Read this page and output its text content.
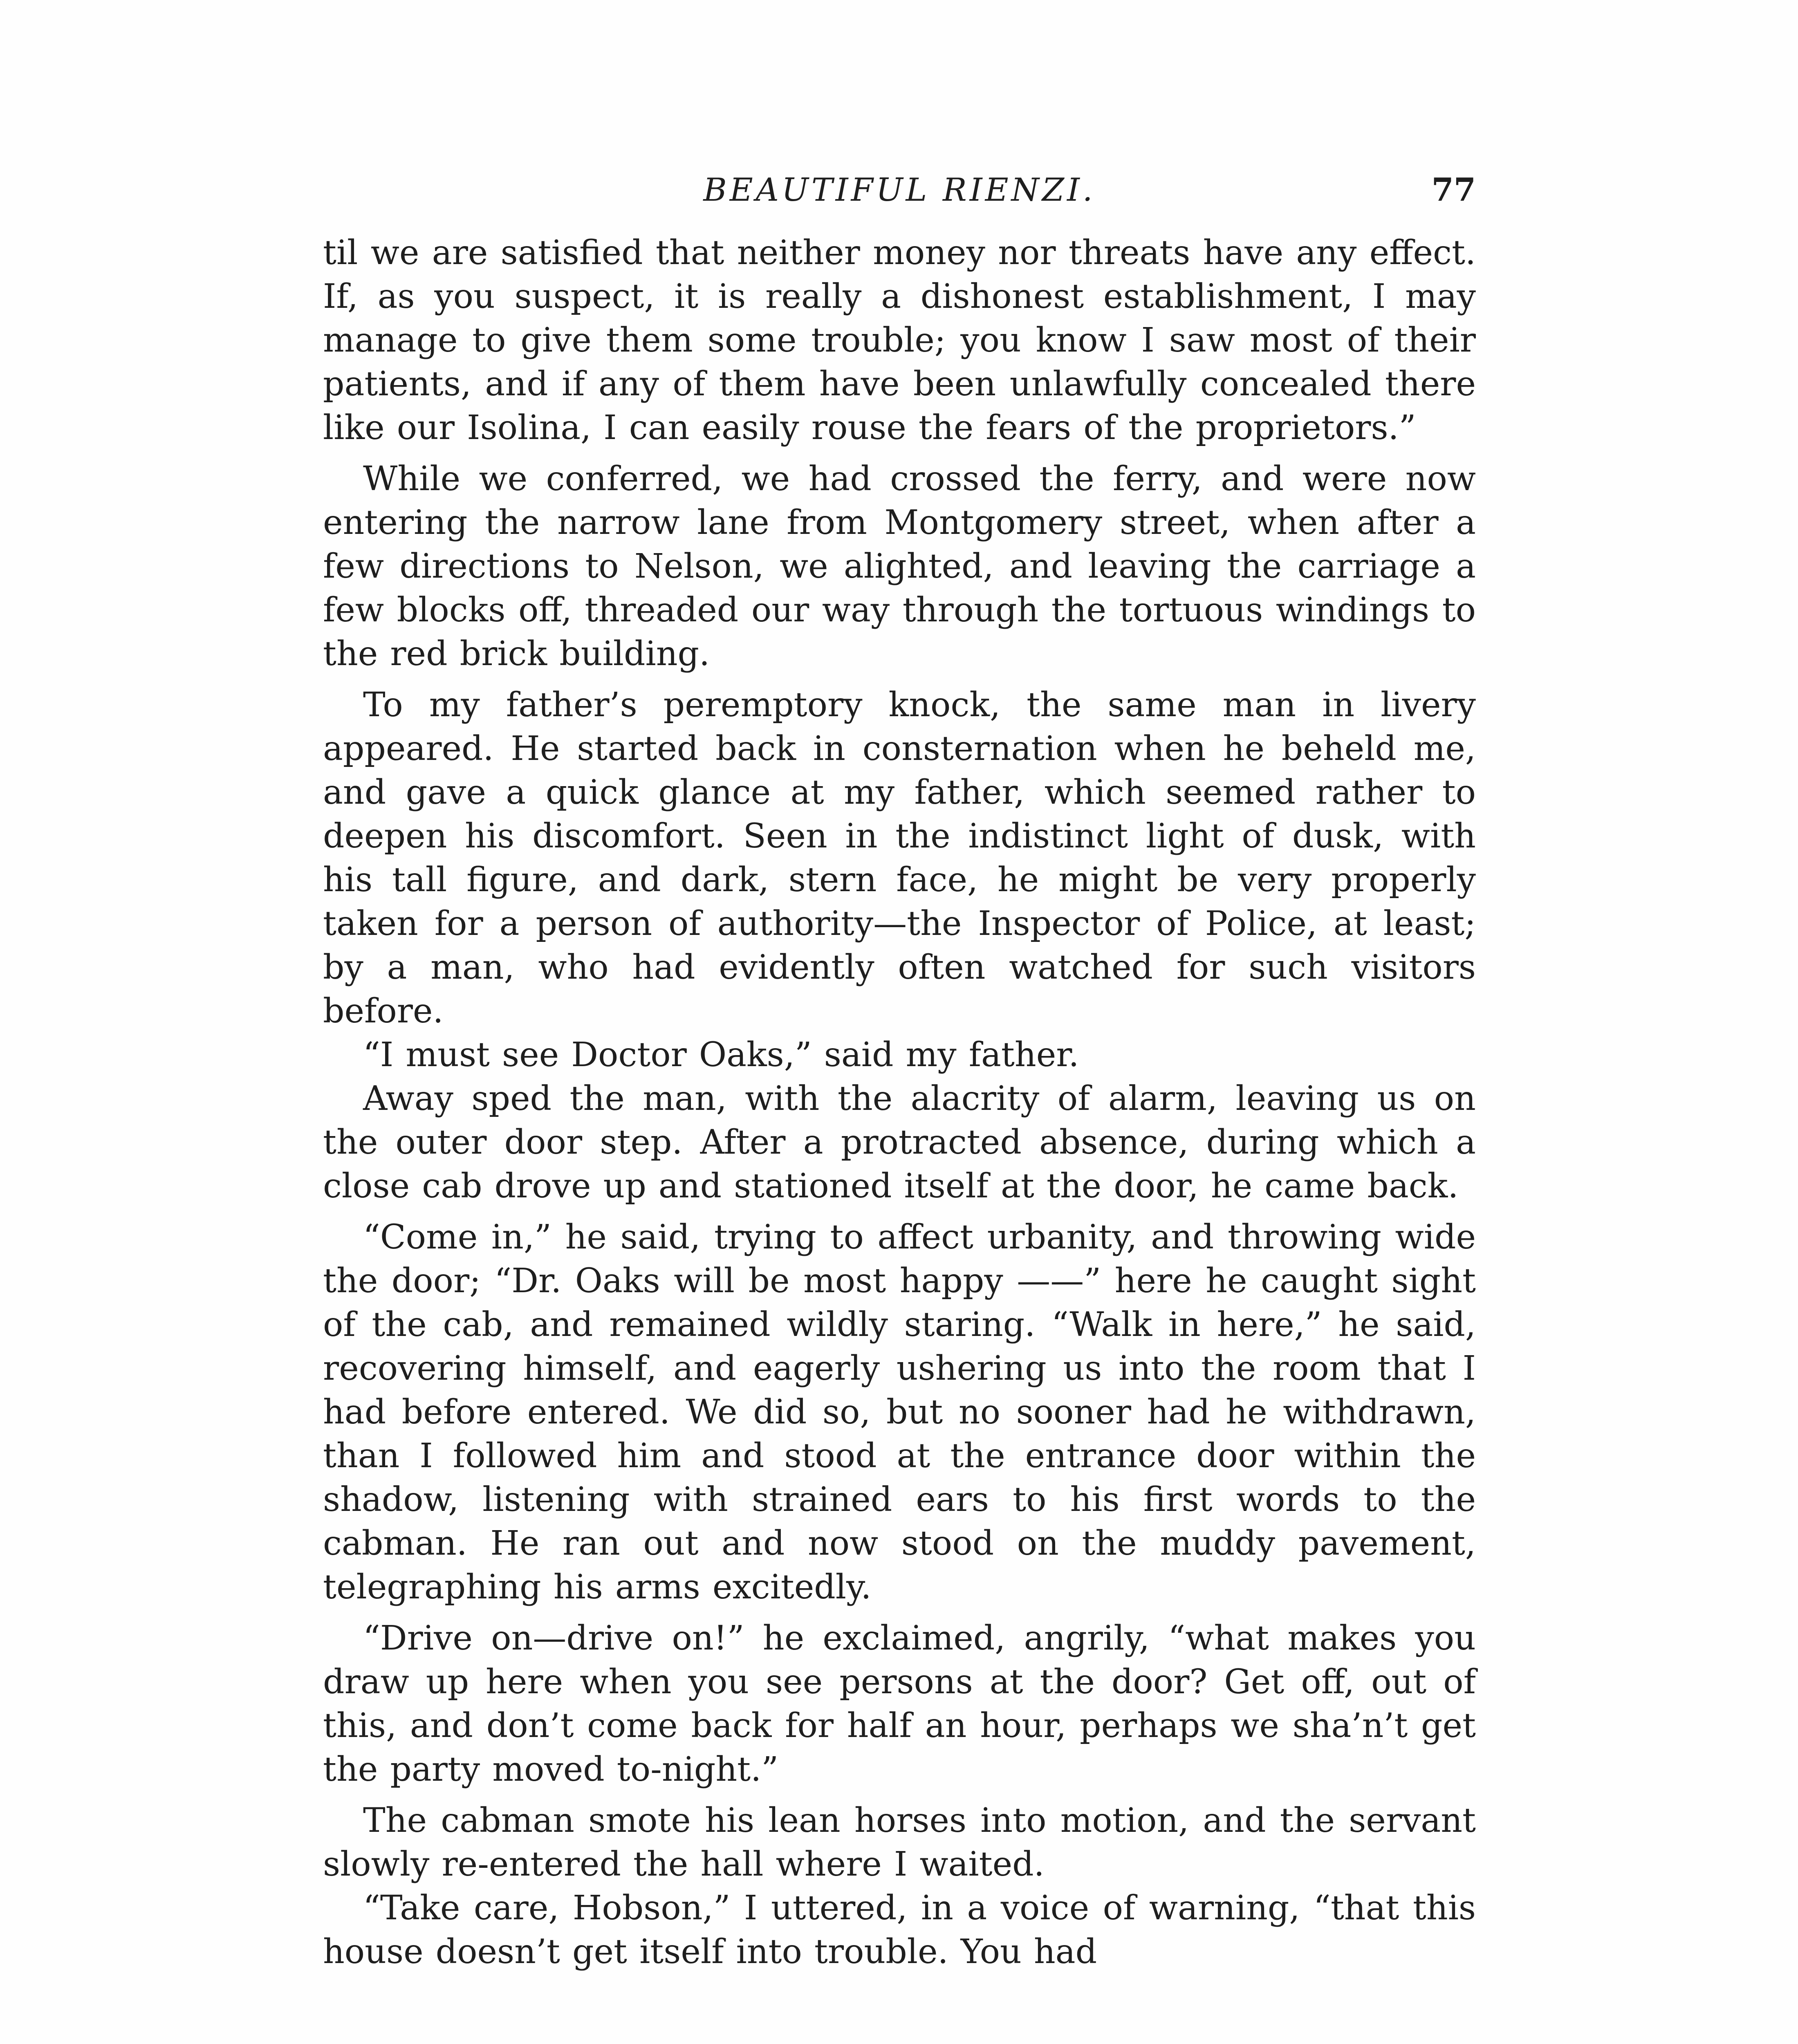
BEAUTIFUL RIENZI.	77

til we are satisfied that neither money nor threats have any effect. If, as you suspect, it is really a dishonest establishment, I may manage to give them some trouble; you know I saw most of their patients, and if any of them have been unlawfully concealed there like our Isolina, I can easily rouse the fears of the proprietors.”

While we conferred, we had crossed the ferry, and were now entering the narrow lane from Montgomery street, when after a few directions to Nelson, we alighted, and leaving the carriage a few blocks off, threaded our way through the tortuous windings to the red brick building.

To my father’s peremptory knock, the same man in livery appeared. He started back in consternation when he beheld me, and gave a quick glance at my father, which seemed rather to deepen his discomfort. Seen in the indistinct light of dusk, with his tall figure, and dark, stern face, he might be very properly taken for a person of authority—the Inspector of Police, at least; by a man, who had evidently often watched for such visitors before.

“I must see Doctor Oaks,” said my father.

Away sped the man, with the alacrity of alarm, leaving us on the outer door step. After a protracted absence, during which a close cab drove up and stationed itself at the door, he came back.

“Come in,” he said, trying to affect urbanity, and throwing wide the door; “Dr. Oaks will be most happy ——” here he caught sight of the cab, and remained wildly staring. “Walk in here,” he said, recovering himself, and eagerly ushering us into the room that I had before entered. We did so, but no sooner had he withdrawn, than I followed him and stood at the entrance door within the shadow, listening with strained ears to his first words to the cabman. He ran out and now stood on the muddy pavement, telegraphing his arms excitedly.

“Drive on—drive on!” he exclaimed, angrily, “what makes you draw up here when you see persons at the door? Get off, out of this, and don’t come back for half an hour, perhaps we sha’n’t get the party moved to-night.”

The cabman smote his lean horses into motion, and the servant slowly re-entered the hall where I waited.

“Take care, Hobson,” I uttered, in a voice of warning, “that this house doesn’t get itself into trouble. You had
